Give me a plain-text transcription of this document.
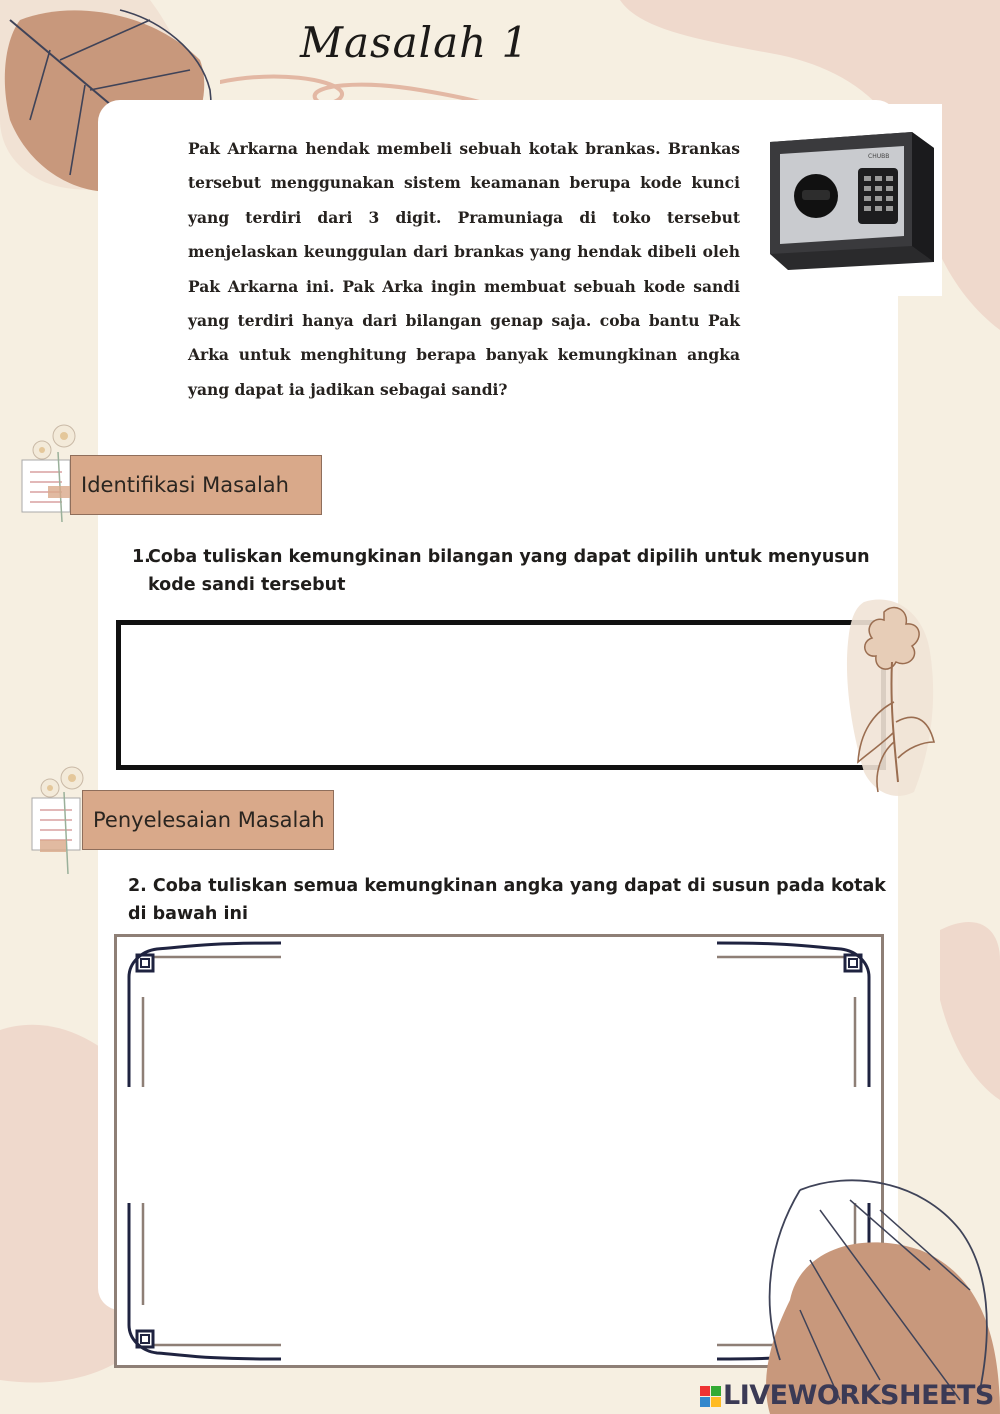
Masalah 1
Pak Arkarna hendak membeli sebuah kotak brankas. Brankas tersebut menggunakan sistem keamanan berupa kode kunci yang terdiri dari 3 digit. Pramuniaga di toko tersebut menjelaskan keunggulan dari brankas yang hendak dibeli oleh Pak Arkarna ini. Pak Arka ingin membuat sebuah kode sandi yang terdiri hanya dari bilangan genap saja. coba bantu Pak Arka untuk menghitung berapa banyak kemungkinan angka yang dapat ia jadikan sebagai sandi?
CHUBB
Identifikasi Masalah
1.
Coba tuliskan kemungkinan bilangan yang dapat dipilih untuk menyusun kode sandi tersebut
Penyelesaian Masalah
2. Coba tuliskan semua kemungkinan angka yang dapat di susun pada kotak di bawah ini
LIVEWORKSHEETS
